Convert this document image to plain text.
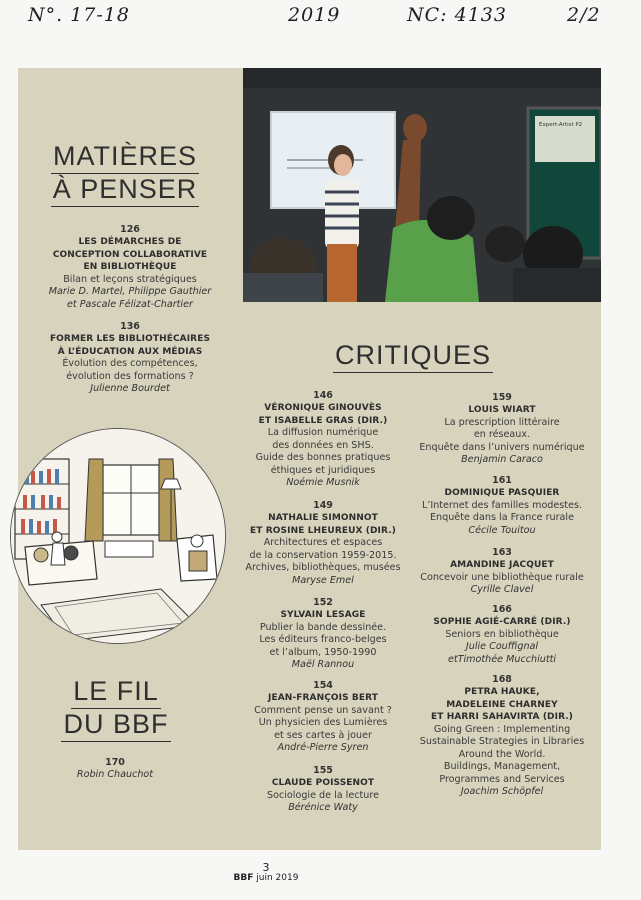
N°. 17-18	2019	NC: 4133	2/2
Expert-Artist P2
MATIÈRES
À PENSER
CRITIQUES
LE FIL
DU BBF
126
LES DÉMARCHES DE
CONCEPTION COLLABORATIVE
EN BIBLIOTHÈQUE
Bilan et leçons stratégiques
Marie D. Martel, Philippe Gauthier
et Pascale Félizat-Chartier
136
FORMER LES BIBLIOTHÉCAIRES
À L’ÉDUCATION AUX MÉDIAS
Évolution des compétences,
évolution des formations ?
Julienne Bourdet
146
VÉRONIQUE GINOUVÈS
ET ISABELLE GRAS (DIR.)
La diffusion numérique
des données en SHS.
Guide des bonnes pratiques
éthiques et juridiques
Noémie Musnik
149
NATHALIE SIMONNOT
ET ROSINE LHEUREUX (DIR.)
Architectures et espaces
de la conservation 1959-2015.
Archives, bibliothèques, musées
Maryse Emel
152
SYLVAIN LESAGE
Publier la bande dessinée.
Les éditeurs franco-belges
et l’album, 1950-1990
Maël Rannou
154
JEAN-FRANÇOIS BERT
Comment pense un savant ?
Un physicien des Lumières
et ses cartes à jouer
André-Pierre Syren
155
CLAUDE POISSENOT
Sociologie de la lecture
Bérénice Waty
159
LOUIS WIART
La prescription littéraire
en réseaux.
Enquête dans l’univers numérique
Benjamin Caraco
161
DOMINIQUE PASQUIER
L’Internet des familles modestes.
Enquête dans la France rurale
Cécile Touitou
163
AMANDINE JACQUET
Concevoir une bibliothèque rurale
Cyrille Clavel
166
SOPHIE AGIÉ-CARRÉ (DIR.)
Seniors en bibliothèque
Julie Couffignal
etTimothée Mucchiutti
168
PETRA HAUKE,
MADELEINE CHARNEY
ET HARRI SAHAVIRTA (DIR.)
Going Green : Implementing
Sustainable Strategies in Libraries
Around the World.
Buildings, Management,
Programmes and Services
Joachim Schöpfel
170
Robin Chauchot
3
BBF juin 2019
